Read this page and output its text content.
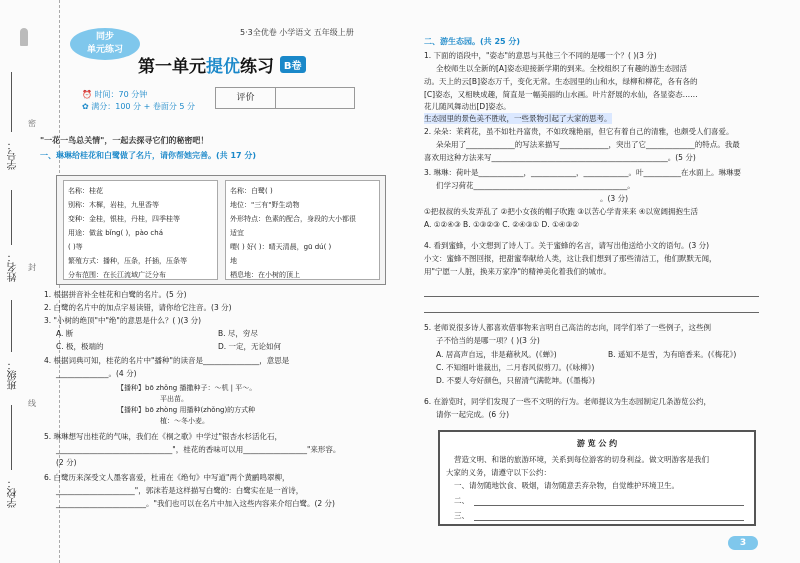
学号：
姓名：
班级：
学校：
密
封
线
同步
单元练习
5·3全优卷 小学语文 五年级上册
第一单元提优练习 B卷
⏰ 时间：70 分钟
✿ 满分：100 分 + 卷面分 5 分
评价
"一花一鸟总关情"，一起去探寻它们的秘密吧！
一、琳琳给桂花和白鹭做了名片，请你帮她完善。(共 17 分)
名称：桂花
别称：木樨，岩桂，九里香等
变种：金桂，银桂，丹桂，四季桂等
用途：做盆 bǐng( )，pào chá
( )等
繁殖方式：播种，压条，扦插，压条等
分布范围：在长江流域广泛分布
名称：白鹭( )
地位："三有"野生动物
外形特点：色素的配合，身段的大小都很
适宜
嘤( ) 好( )：晴天清晨，gū dú( )
地
栖息地：在小树的顶上
1. 根据拼音补全桂花和白鹭的名片。(5 分)
2. 白鹭的名片中的加点字易读错，请你给它注音。(3 分)
3. "小树的绝顶"中"绝"的意思是什么？( )(3 分)
A. 断	B. 尽，穷尽
C. 极，极端的	D. 一定，无论如何
4. 根据词典可知，桂花的名片中"播种"的读音是_______________，意思是
______________。(4 分)
【播种】bō zhǒng 播撒种子：～机 | 平～。
平出苗。
【播种】bō zhòng 用播种(zhǒng)的方式种
植：～冬小麦。
5. 琳琳想写出桂花的气味，我们在《桐之歌》中学过"银杏水杉活化石，
_______________________________"，桂花的香味可以用_________________"来形容。
(2 分)
6. 白鹭历来深受文人墨客喜爱，杜甫在《绝句》中写道"两个黄鹂鸣翠柳，
_____________________"，郭沫若是这样描写白鹭的：白鹭实在是一首诗，
________________________。"我们也可以在名片中加入这些内容来介绍白鹭。(2 分)
二、游生态园。(共 25 分)
1. 下面的语段中，"姿态"的意思与其他三个不同的是哪一个？( )(3 分)
全校师生以全新的[A]姿态迎接新学期的到来。全校组织了有趣的游生态园活
动。天上的云[B]姿态万千，变化无常。生态园里的山和水，绿柳和柳花，各有各的
[C]姿态，又相映成趣，简直是一幅美丽的山水画。叶片舒展的水仙，各显姿态……
花儿随风舞动出[D]姿态。
生态园里的景色美不胜收，一些景物引起了大家的思考。
2. 朵朵：茉莉花，虽不如牡丹富贵，不如玫瑰艳丽，但它有着自己的清雅，也颇受人们喜爱。
朵朵用了_____________的写法来描写_____________，突出了它_____________的特点。我最
喜欢用这种方法来写_______________________________________________。(5 分)
3. 琳琳：荷叶是____________，____________，____________。叶__________在水面上。琳琳要
们学习荷花_________________________________________。
。(3 分)
①把叔叔的头发弄乱了 ②把小女孩的帽子吹跑 ③以苦心学青来来 ④以宽阔拥抱生活
A. ①②④③ B. ①③②③ C. ②④③① D. ①④③②
4. 看到蜜蜂，小文想到了诗人丁。关于蜜蜂的名言，请写出他送给小文的语句。(3 分)
小文：蜜蜂不图回报，把甜蜜奉献给人类，这让我们想到了那些清洁工，他们默默无闻，
用"宁愿一人脏，换来万家净"的精神美化着我们的城市。
5. 老师说很多诗人都喜欢借事物来言明自己高洁的志向，同学们举了一些例子，这些例
子不恰当的是哪一项？( )(3 分)
A. 居高声自远，非是藉秋风。(《蝉》)	B. 遥知不是雪，为有暗香来。(《梅花》)
C. 不知细叶谁裁出，二月春风似剪刀。(《咏柳》)
D. 不要人夸好颜色，只留清气满乾坤。(《墨梅》)
6. 在游览时，同学们发现了一些不文明的行为。老师提议为生态园制定几条游览公约，
请你一起完成。(6 分)
游 览 公 约
营造文明、和谐的旅游环境，关系到每位游客的切身利益。做文明游客是我们
大家的义务，请遵守以下公约：
一、请勿随地饮食、吸烟，请勿随意丢弃杂物，自觉维护环境卫生。
二、
三、
3
